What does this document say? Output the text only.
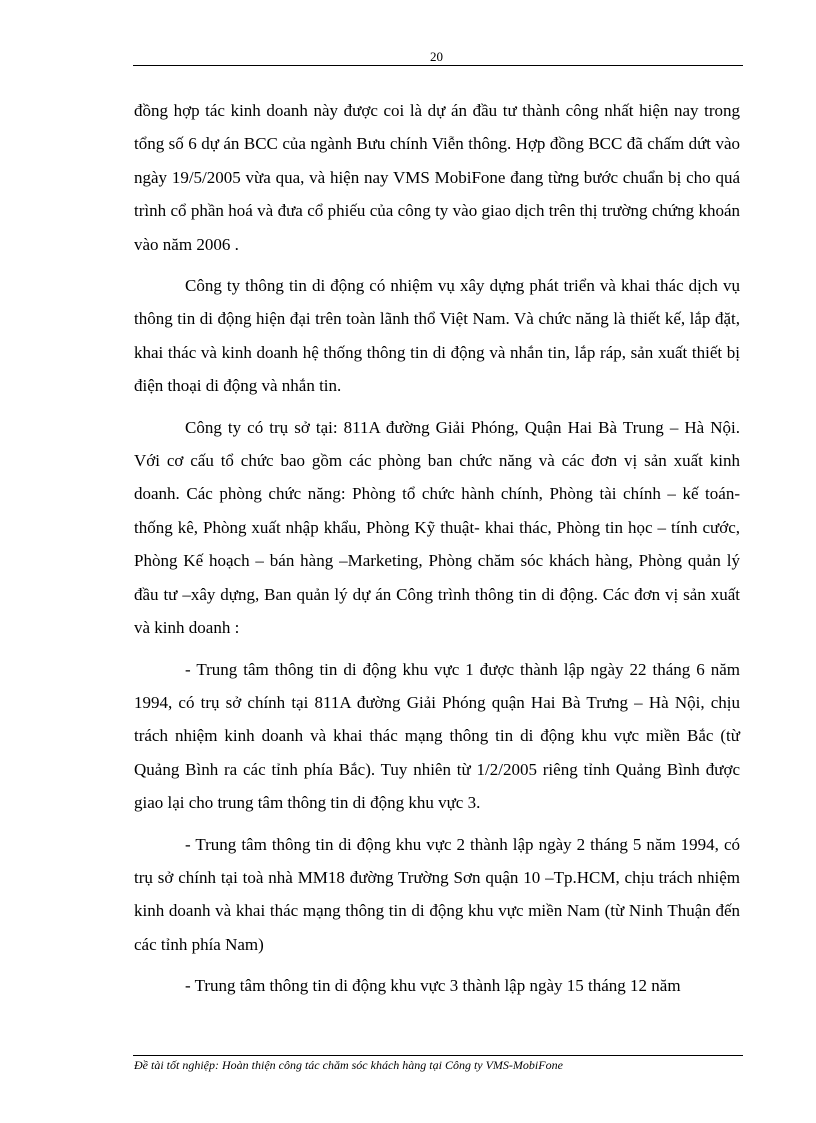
20

đồng hợp tác kinh doanh này được coi là dự án đầu tư thành công nhất hiện nay trong tổng số 6 dự án BCC của ngành Bưu chính Viễn thông. Hợp đồng BCC đã chấm dứt vào ngày 19/5/2005 vừa qua, và hiện nay VMS MobiFone đang từng bước chuẩn bị cho quá trình cổ phần hoá và đưa cổ phiếu của công ty vào giao dịch trên thị trường chứng khoán vào năm 2006 .

Công ty thông tin di động có nhiệm vụ xây dựng phát triển và khai thác dịch vụ thông tin di động hiện đại trên toàn lãnh thổ Việt Nam. Và chức năng là thiết kế, lắp đặt, khai thác và kinh doanh hệ thống thông tin di động và nhắn tin, lắp ráp, sản xuất thiết bị điện thoại di động và nhắn tin.

Công ty có trụ sở tại: 811A đường Giải Phóng, Quận Hai Bà Trung – Hà Nội. Với cơ cấu tổ chức bao gồm các phòng ban chức năng và các đơn vị sản xuất kinh doanh. Các phòng chức năng: Phòng tổ chức hành chính, Phòng tài chính – kế toán- thống kê, Phòng xuất nhập khẩu, Phòng Kỹ thuật- khai thác, Phòng tin học – tính cước, Phòng Kế hoạch – bán hàng –Marketing, Phòng chăm sóc khách hàng, Phòng quản lý đầu tư –xây dựng, Ban quản lý dự án Công trình thông tin di động. Các đơn vị sản xuất và kinh doanh :

- Trung tâm thông tin di động khu vực 1 được thành lập ngày 22 tháng 6 năm 1994, có trụ sở chính tại 811A đường Giải Phóng quận Hai Bà Trưng – Hà Nội, chịu trách nhiệm kinh doanh và khai thác mạng thông tin di động khu vực miền Bắc (từ Quảng Bình ra các tỉnh phía Bắc). Tuy nhiên từ 1/2/2005 riêng tỉnh Quảng Bình được giao lại cho trung tâm thông tin di động khu vực 3.

- Trung tâm thông tin di động khu vực 2 thành lập ngày 2 tháng 5 năm 1994, có trụ sở chính tại toà nhà MM18 đường Trường Sơn quận 10 –Tp.HCM, chịu trách nhiệm kinh doanh và khai thác mạng thông tin di động khu vực miền Nam (từ Ninh Thuận đến các tỉnh phía Nam)

- Trung tâm thông tin di động khu vực 3 thành lập ngày 15 tháng 12 năm

Đề tài tốt nghiệp: Hoàn thiện công tác chăm sóc khách hàng tại Công ty VMS-MobiFone
